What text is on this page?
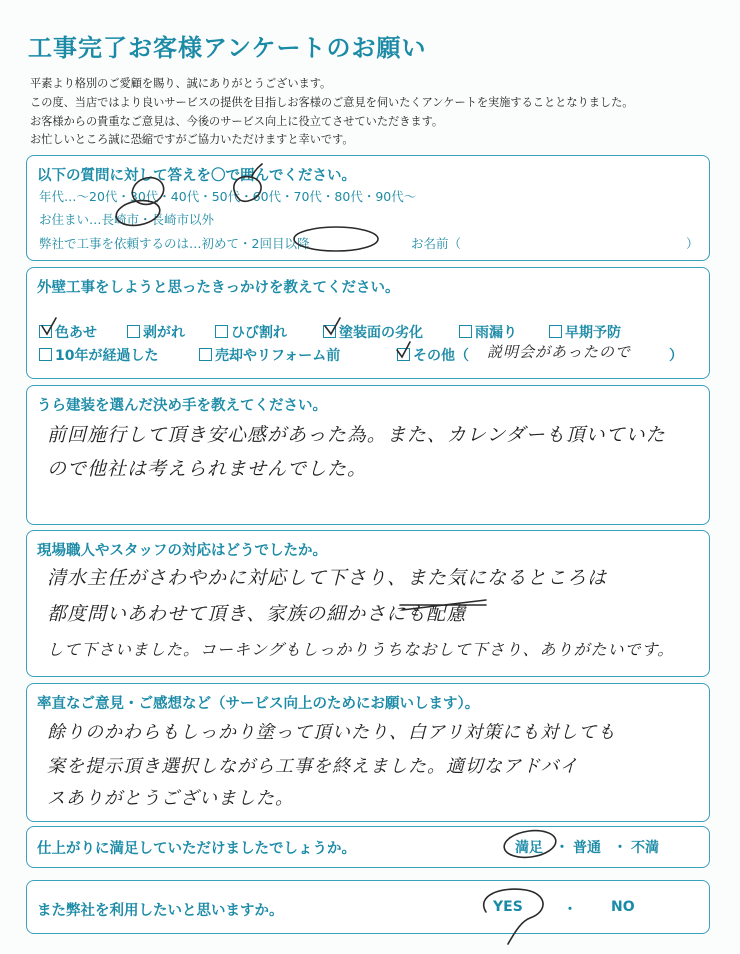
工事完了お客様アンケートのお願い
平素より格別のご愛顧を賜り、誠にありがとうございます。
この度、当店ではより良いサービスの提供を目指しお客様のご意見を伺いたくアンケートを実施することとなりました。
お客様からの貴重なご意見は、今後のサービス向上に役立てさせていただきます。
お忙しいところ誠に恐縮ですがご協力いただけますと幸いです。
以下の質問に対して答えを〇で囲んでください。
年代…〜20代・30代・40代・50代・60代・70代・80代・90代〜
お住まい…長崎市・長崎市以外
弊社で工事を依頼するのは…初めて・2回目以降	お名前（　　　　　　　　　　　　　　　　　　）
外壁工事をしようと思ったきっかけを教えてください。
色あせ	剥がれ	ひび割れ	塗装面の劣化	雨漏り	早期予防
10年が経過した	売却やリフォーム前	その他（ 説明会があったので	）
うら建装を選んだ決め手を教えてください。
前回施行して頂き安心感があった為。また、カレンダーも頂いていた
ので他社は考えられませんでした。
現場職人やスタッフの対応はどうでしたか。
清水主任がさわやかに対応して下さり、また気になるところは
都度問いあわせて頂き、家族の細かさにも配慮
して下さいました。コーキングもしっかりうちなおして下さり、ありがたいです。
率直なご意見・ご感想など（サービス向上のためにお願いします）。
餘りのかわらもしっかり塗って頂いたり、白アリ対策にも対しても
案を提示頂き選択しながら工事を終えました。適切なアドバイ
スありがとうございました。
仕上がりに満足していただけましたでしょうか。	満足 ・ 普通 ・ 不満
また弊社を利用したいと思いますか。	YES	・ NO
